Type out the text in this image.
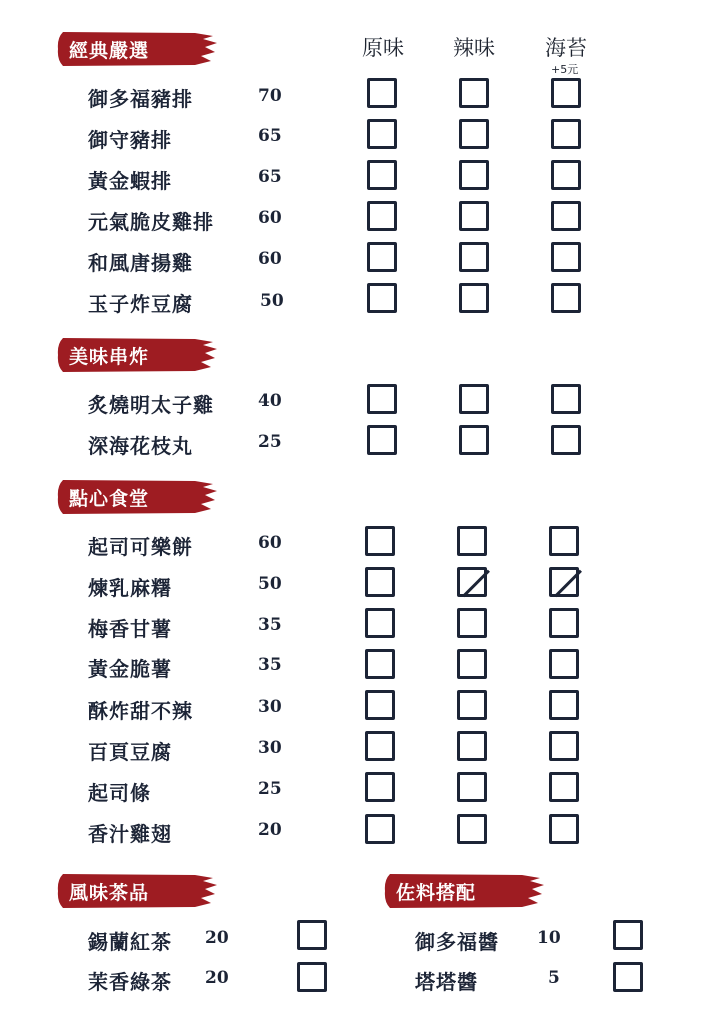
原味 辣味 海苔
+5元
經典嚴選
美味串炸
點心食堂
風味茶品	佐料搭配
御多福豬排	70
御守豬排	65
黃金蝦排	65
元氣脆皮雞排	60
和風唐揚雞	60
玉子炸豆腐	50
炙燒明太子雞	40
深海花枝丸	25
起司可樂餅	60
煉乳麻糬	50
梅香甘薯	35
黃金脆薯	35
酥炸甜不辣	30
百頁豆腐	30
起司條	25
香汁雞翅	20
錫蘭紅茶 20
茉香綠茶 20
御多福醬 10
塔塔醬	5
